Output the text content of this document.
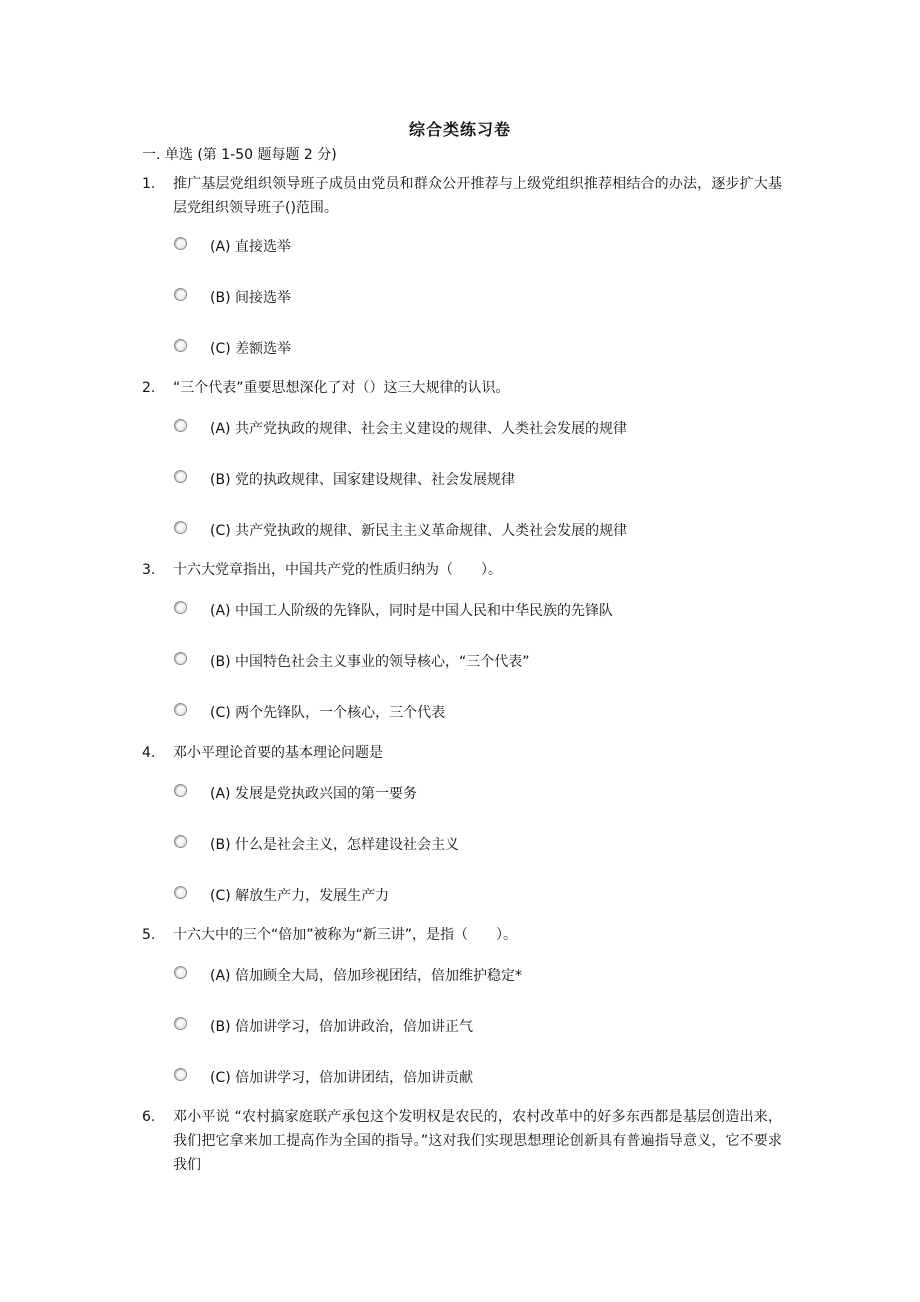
综合类练习卷
一. 单选 (第 1-50 题每题 2 分)
1.	推广基层党组织领导班子成员由党员和群众公开推荐与上级党组织推荐相结合的办法，逐步扩大基层党组织领导班子()范围。
(A) 直接选举
(B) 间接选举
(C) 差额选举
2.	“三个代表”重要思想深化了对（）这三大规律的认识。
(A) 共产党执政的规律、社会主义建设的规律、人类社会发展的规律
(B) 党的执政规律、国家建设规律、社会发展规律
(C) 共产党执政的规律、新民主主义革命规律、人类社会发展的规律
3.	十六大党章指出，中国共产党的性质归纳为（　　）。
(A) 中国工人阶级的先锋队，同时是中国人民和中华民族的先锋队
(B) 中国特色社会主义事业的领导核心，“三个代表”
(C) 两个先锋队，一个核心，三个代表
4.	邓小平理论首要的基本理论问题是
(A) 发展是党执政兴国的第一要务
(B) 什么是社会主义，怎样建设社会主义
(C) 解放生产力，发展生产力
5.	十六大中的三个“倍加”被称为“新三讲”，是指（　　）。
(A) 倍加顾全大局，倍加珍视团结，倍加维护稳定*
(B) 倍加讲学习，倍加讲政治，倍加讲正气
(C) 倍加讲学习，倍加讲团结，倍加讲贡献
6.	邓小平说 “农村搞家庭联产承包这个发明权是农民的，农村改革中的好多东西都是基层创造出来，我们把它拿来加工提高作为全国的指导。”这对我们实现思想理论创新具有普遍指导意义，它不要求我们
